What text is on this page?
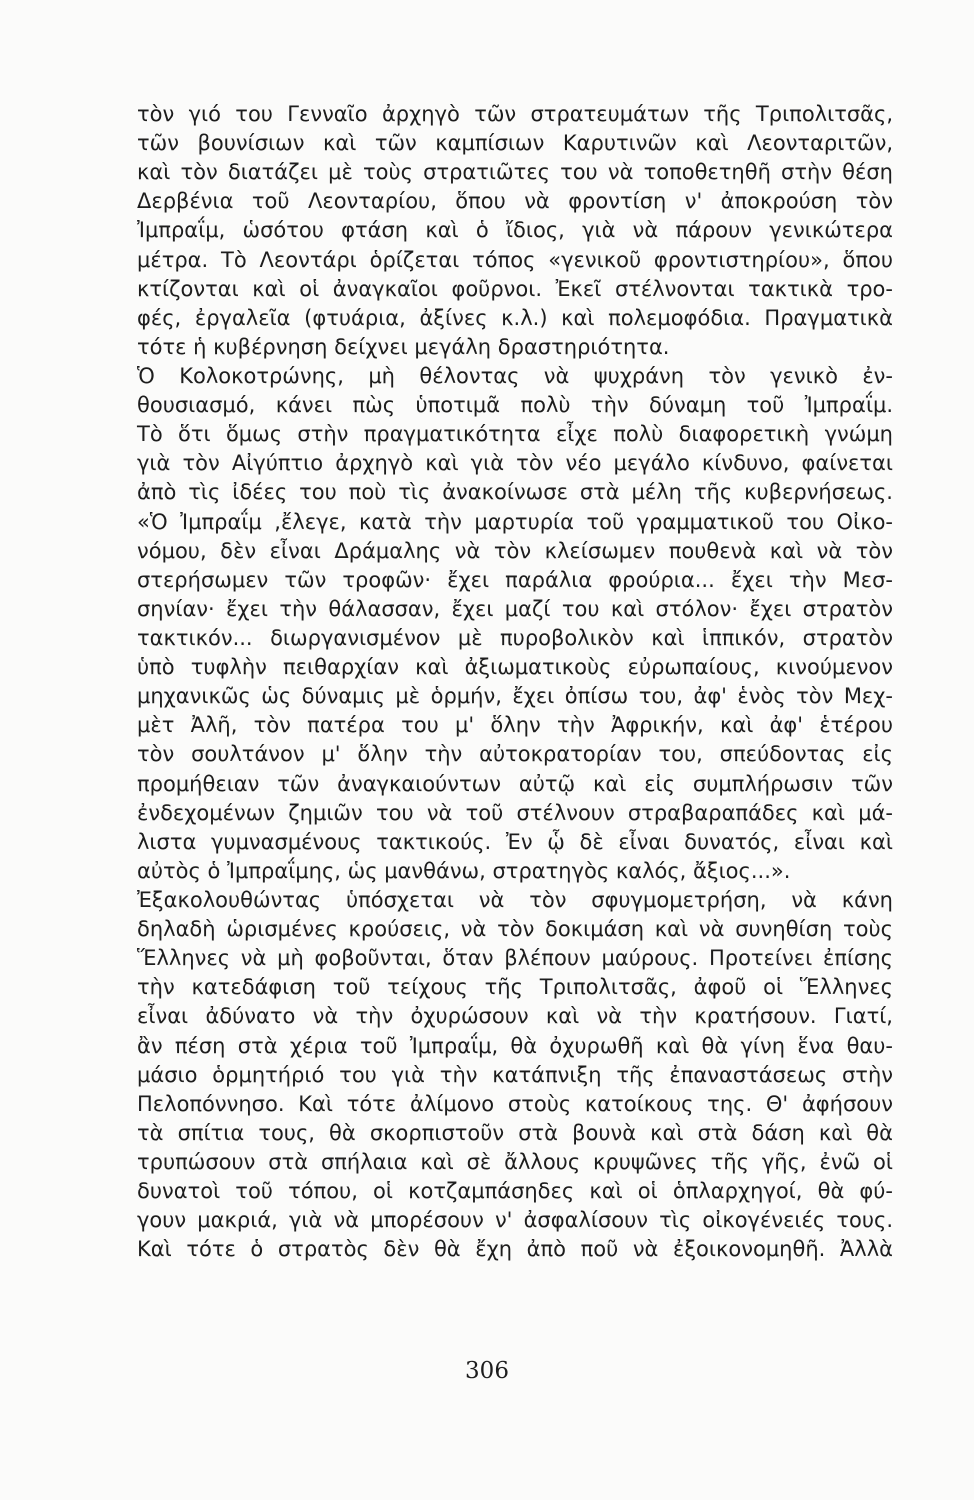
τὸν γιό του Γενναῖο ἀρχηγὸ τῶν στρατευμάτων τῆς Τριπολιτσᾶς,
τῶν βουνίσιων καὶ τῶν καμπίσιων Καρυτινῶν καὶ Λεονταριτῶν,
καὶ τὸν διατάζει μὲ τοὺς στρατιῶτες του νὰ τοποθετηθῆ στὴν θέση
Δερβένια τοῦ Λεονταρίου, ὅπου νὰ φροντίση ν' ἀποκρούση τὸν
Ἰμπραΐμ, ὡσότου φτάση καὶ ὁ ἴδιος, γιὰ νὰ πάρουν γενικώτερα
μέτρα. Τὸ Λεοντάρι ὁρίζεται τόπος «γενικοῦ φροντιστηρίου», ὅπου
κτίζονται καὶ οἱ ἀναγκαῖοι φοῦρνοι. Ἐκεῖ στέλνονται τακτικὰ τρο-
φές, ἐργαλεῖα (φτυάρια, ἀξίνες κ.λ.) καὶ πολεμοφόδια. Πραγματικὰ
τότε ἡ κυβέρνηση δείχνει μεγάλη δραστηριότητα.
Ὁ Κολοκοτρώνης, μὴ θέλοντας νὰ ψυχράνη τὸν γενικὸ ἐν-
θουσιασμό, κάνει πὼς ὑποτιμᾶ πολὺ τὴν δύναμη τοῦ Ἰμπραΐμ.
Τὸ ὅτι ὅμως στὴν πραγματικότητα εἶχε πολὺ διαφορετικὴ γνώμη
γιὰ τὸν Αἰγύπτιο ἀρχηγὸ καὶ γιὰ τὸν νέο μεγάλο κίνδυνο, φαίνεται
ἀπὸ τὶς ἰδέες του ποὺ τὶς ἀνακοίνωσε στὰ μέλη τῆς κυβερνήσεως.
«Ὁ Ἰμπραΐμ ,ἔλεγε, κατὰ τὴν μαρτυρία τοῦ γραμματικοῦ του Οἰκο-
νόμου, δὲν εἶναι Δράμαλης νὰ τὸν κλείσωμεν πουθενὰ καὶ νὰ τὸν
στερήσωμεν τῶν τροφῶν· ἔχει παράλια φρούρια... ἔχει τὴν Μεσ-
σηνίαν· ἔχει τὴν θάλασσαν, ἔχει μαζί του καὶ στόλον· ἔχει στρατὸν
τακτικόν... διωργανισμένον μὲ πυροβολικὸν καὶ ἱππικόν, στρατὸν
ὑπὸ τυφλὴν πειθαρχίαν καὶ ἀξιωματικοὺς εὐρωπαίους, κινούμενον
μηχανικῶς ὡς δύναμις μὲ ὁρμήν, ἔχει ὀπίσω του, ἀφ' ἑνὸς τὸν Μεχ-
μὲτ Ἀλῆ, τὸν πατέρα του μ' ὅλην τὴν Ἀφρικήν, καὶ ἀφ' ἑτέρου
τὸν σουλτάνον μ' ὅλην τὴν αὐτοκρατορίαν του, σπεύδοντας εἰς
προμήθειαν τῶν ἀναγκαιούντων αὐτῷ καὶ εἰς συμπλήρωσιν τῶν
ἐνδεχομένων ζημιῶν του νὰ τοῦ στέλνουν στραβαραπάδες καὶ μά-
λιστα γυμνασμένους τακτικούς. Ἐν ᾧ δὲ εἶναι δυνατός, εἶναι καὶ
αὐτὸς ὁ Ἰμπραΐμης, ὡς μανθάνω, στρατηγὸς καλός, ἄξιος...».
Ἐξακολουθώντας ὑπόσχεται νὰ τὸν σφυγμομετρήση, νὰ κάνη
δηλαδὴ ὡρισμένες κρούσεις, νὰ τὸν δοκιμάση καὶ νὰ συνηθίση τοὺς
Ἕλληνες νὰ μὴ φοβοῦνται, ὅταν βλέπουν μαύρους. Προτείνει ἐπίσης
τὴν κατεδάφιση τοῦ τείχους τῆς Τριπολιτσᾶς, ἀφοῦ οἱ Ἕλληνες
εἶναι ἀδύνατο νὰ τὴν ὀχυρώσουν καὶ νὰ τὴν κρατήσουν. Γιατί,
ἂν πέση στὰ χέρια τοῦ Ἰμπραΐμ, θὰ ὀχυρωθῆ καὶ θὰ γίνη ἕνα θαυ-
μάσιο ὁρμητήριό του γιὰ τὴν κατάπνιξη τῆς ἐπαναστάσεως στὴν
Πελοπόννησο. Καὶ τότε ἀλίμονο στοὺς κατοίκους της. Θ' ἀφήσουν
τὰ σπίτια τους, θὰ σκορπιστοῦν στὰ βουνὰ καὶ στὰ δάση καὶ θὰ
τρυπώσουν στὰ σπήλαια καὶ σὲ ἄλλους κρυψῶνες τῆς γῆς, ἐνῶ οἱ
δυνατοὶ τοῦ τόπου, οἱ κοτζαμπάσηδες καὶ οἱ ὁπλαρχηγοί, θὰ φύ-
γουν μακριά, γιὰ νὰ μπορέσουν ν' ἀσφαλίσουν τὶς οἰκογένειές τους.
Καὶ τότε ὁ στρατὸς δὲν θὰ ἔχη ἀπὸ ποῦ νὰ ἐξοικονομηθῆ. Ἀλλὰ
306
